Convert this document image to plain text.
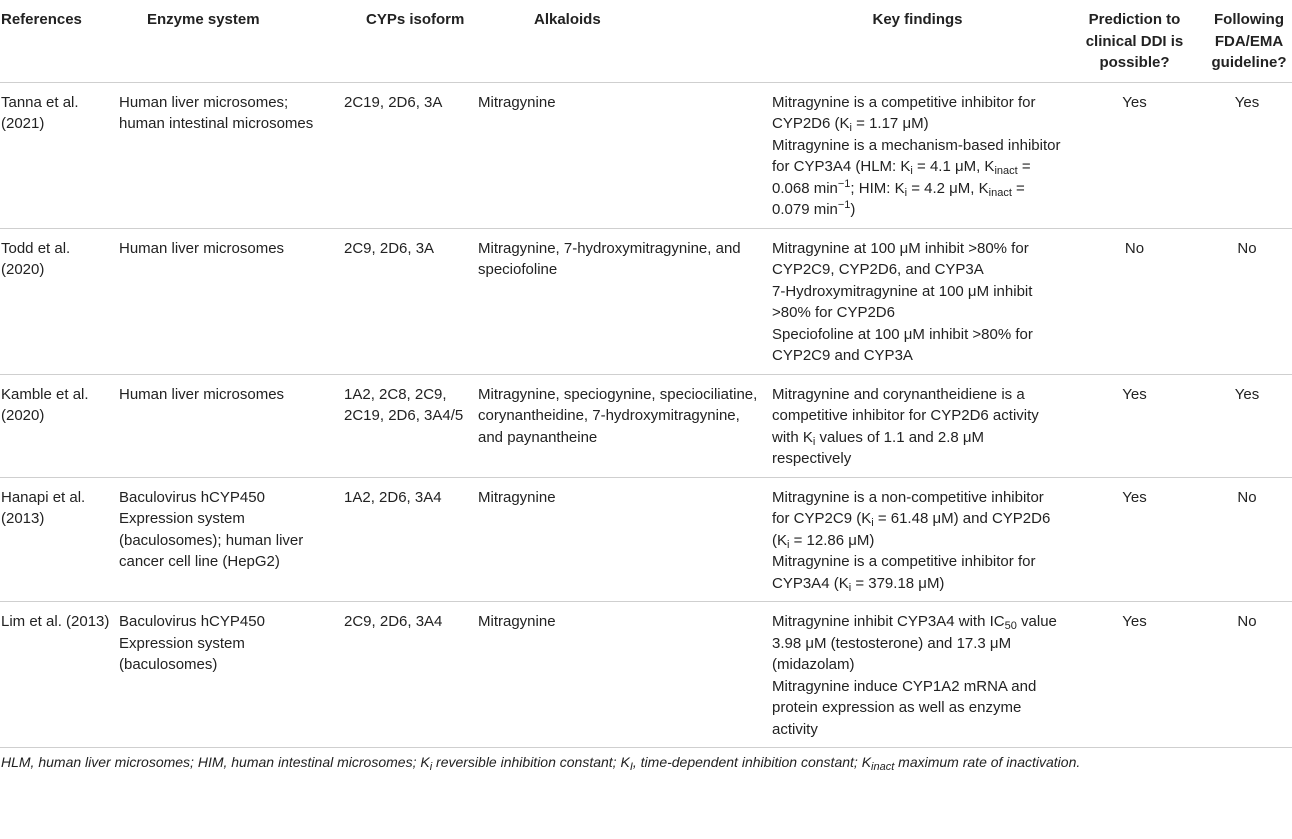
References	Enzyme system	CYPs isoform	Alkaloids	Key findings	Prediction to clinical DDI is possible?	Following FDA/EMA guideline?
Tanna et al. (2021)	Human liver microsomes; human intestinal microsomes	2C19, 2D6, 3A	Mitragynine	Mitragynine is a competitive inhibitor for CYP2D6 ($K_i = 1.17$ μM)
Mitragynine is a mechanism-based inhibitor for CYP3A4 (HLM: $K_i = 4.1$ μM, $K_{inact} = 0.068$ $\min^{-1}$; HIM: $K_i = 4.2$ μM, $K_{inact} = 0.079$ $\min^{-1}$)	Yes	Yes
Todd et al. (2020)	Human liver microsomes	2C9, 2D6, 3A	Mitragynine, 7-hydroxymitragynine, and speciofoline	Mitragynine at 100 μM inhibit >80% for CYP2C9, CYP2D6, and CYP3A
7-Hydroxymitragynine at 100 μM inhibit >80% for CYP2D6
Speciofoline at 100 μM inhibit >80% for CYP2C9 and CYP3A	No	No
Kamble et al. (2020)	Human liver microsomes	1A2, 2C8, 2C9, 2C19, 2D6, 3A4/5	Mitragynine, speciogynine, speciociliatine, corynantheidine, 7-hydroxymitragynine, and paynantheine	Mitragynine and corynantheidiene is a competitive inhibitor for CYP2D6 activity with $K_i$ values of 1.1 and 2.8 μM respectively	Yes	Yes
Hanapi et al. (2013)	Baculovirus hCYP450 Expression system (baculosomes); human liver cancer cell line (HepG2)	1A2, 2D6, 3A4	Mitragynine	Mitragynine is a non-competitive inhibitor for CYP2C9 ($K_i = 61.48$ μM) and CYP2D6 ($K_i = 12.86$ μM)
Mitragynine is a competitive inhibitor for CYP3A4 ($K_i = 379.18$ μM)	Yes	No
Lim et al. (2013)	Baculovirus hCYP450 Expression system (baculosomes)	2C9, 2D6, 3A4	Mitragynine	Mitragynine inhibit CYP3A4 with $IC_{50}$ value 3.98 μM (testosterone) and 17.3 μM (midazolam)
Mitragynine induce CYP1A2 mRNA and protein expression as well as enzyme activity	Yes	No
HLM, human liver microsomes; HIM, human intestinal microsomes; $K_i$ reversible inhibition constant; $K_I$, time-dependent inhibition constant; $K_{inact}$ maximum rate of inactivation.
